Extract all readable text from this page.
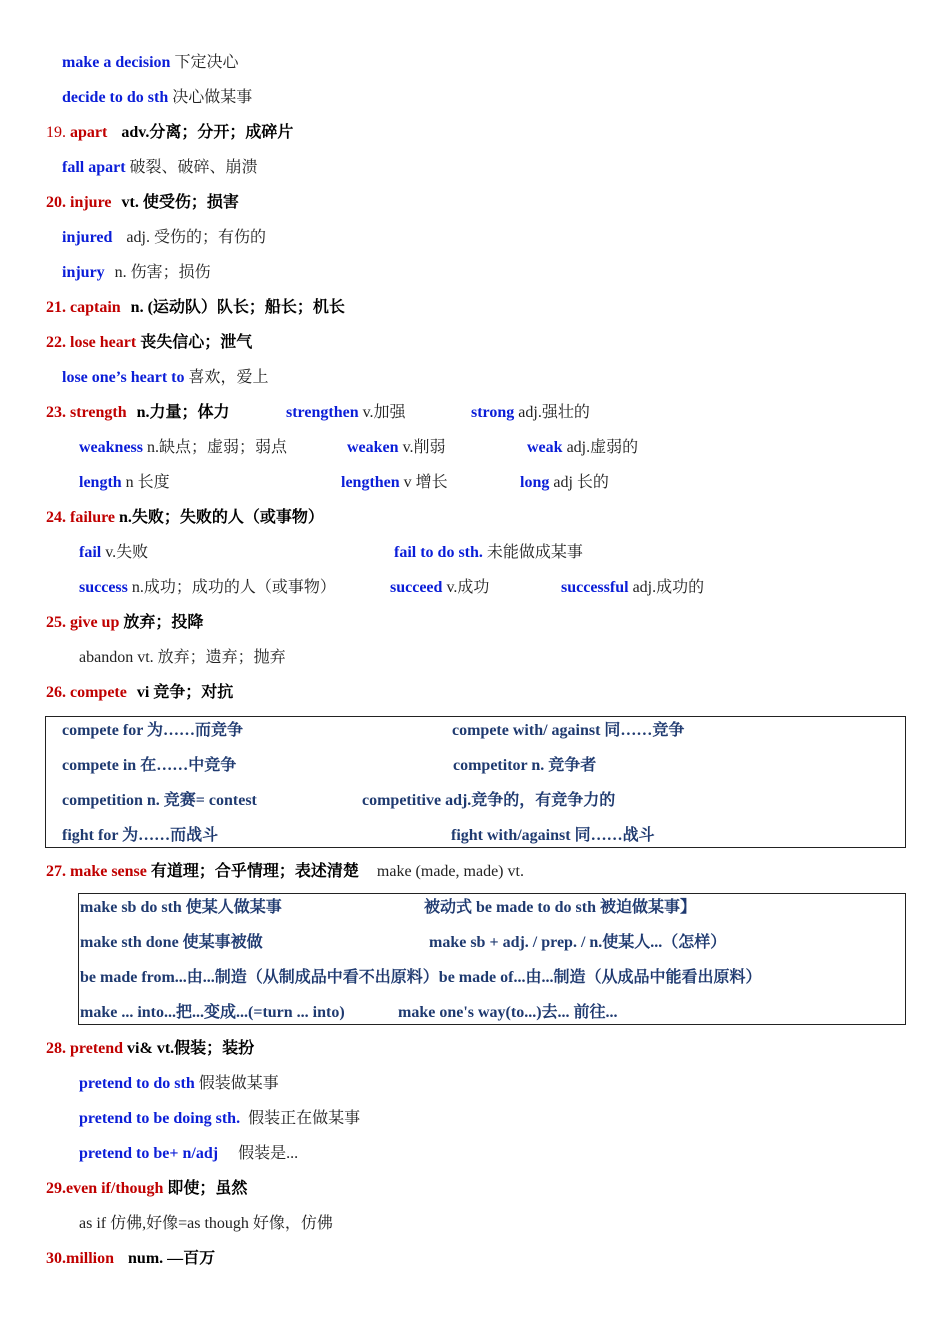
make a decision 下定决心
decide to do sth 决心做某事
19. apart adv.分离；分开；成碎片
fall apart 破裂、破碎、崩溃
20. injure vt. 使受伤；损害
injured adj. 受伤的；有伤的
injury n. 伤害；损伤
21. captain n. (运动队）队长；船长；机长
22. lose heart 丧失信心；泄气
lose one’s heart to 喜欢，爱上
23. strength n.力量；体力	strengthen v.加强	strong adj.强壮的
weakness n.缺点；虚弱；弱点	weaken v.削弱	weak adj.虚弱的
length n 长度	lengthen v 增长	long adj 长的
24. failure n.失败；失败的人（或事物）
fail v.失败	fail to do sth. 未能做成某事
success n.成功；成功的人（或事物）	succeed v.成功	successful adj.成功的
25. give up 放弃；投降
abandon vt. 放弃；遗弃；抛弃
26. compete vi 竞争；对抗
compete for 为……而竞争	compete with/ against 同……竞争
compete in 在……中竞争	competitor n. 竞争者
competition n. 竞赛= contest	competitive adj.竞争的，有竞争力的
fight for 为……而战斗	fight with/against 同……战斗
27. make sense 有道理；合乎情理；表述清楚 make (made, made) vt.
make sb do sth 使某人做某事	被动式 be made to do sth 被迫做某事】
make sth done 使某事被做	make sb + adj. / prep. / n.使某人...（怎样）
be made from...由...制造（从制成品中看不出原料）be made of...由...制造（从成品中能看出原料）
make ... into...把...变成...(=turn ... into)	make one's way(to...)去... 前往...
28. pretend vi& vt.假装；装扮
pretend to do sth 假装做某事
pretend to be doing sth. 假装正在做某事
pretend to be+ n/adj 假装是...
29.even if/though 即使；虽然
as if 仿佛,好像=as though 好像，仿佛
30.million num. —百万
